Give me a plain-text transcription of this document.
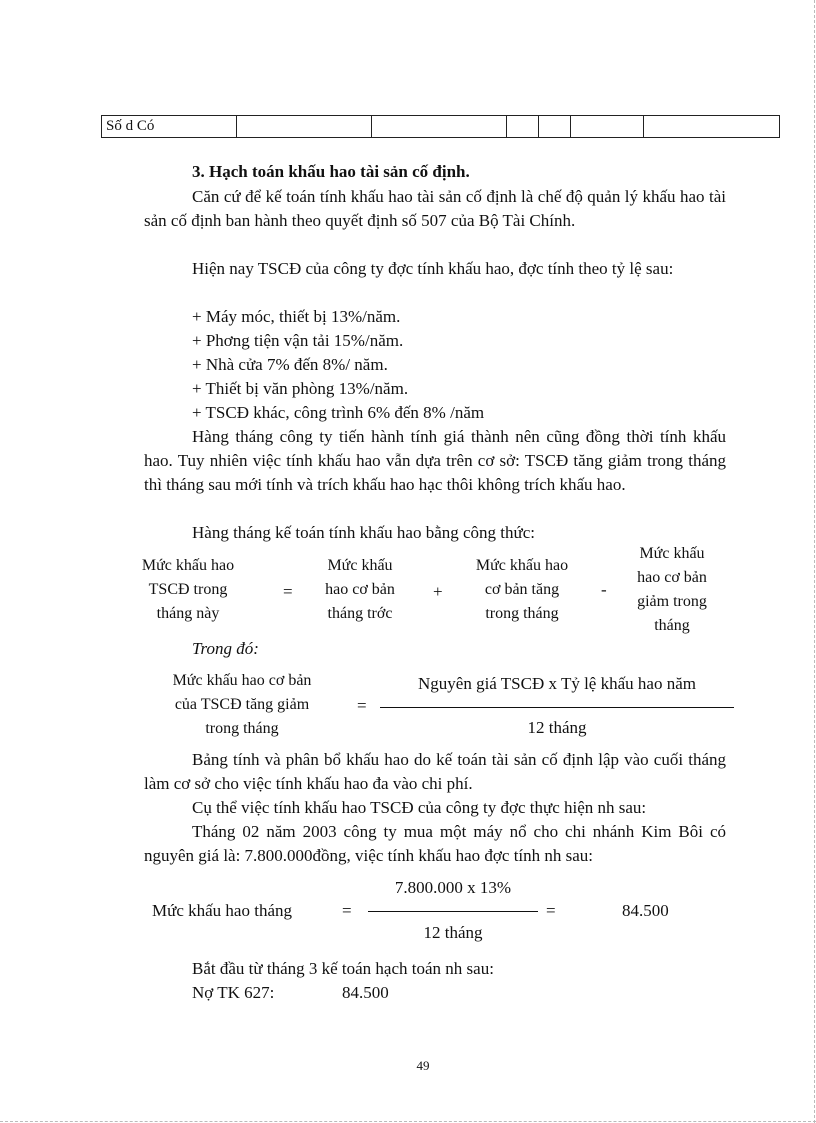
Số d Có						
3. Hạch toán khấu hao tài sản cố định.
Căn cứ để kế toán tính khấu hao tài sản cố định là chế độ quản lý khấu hao tài sản cố định ban hành theo quyết định số 507 của Bộ Tài Chính.
Hiện nay TSCĐ của công ty đợc tính khấu hao, đợc tính theo tỷ lệ sau:
+ Máy móc, thiết bị 13%/năm.
+ Phơng tiện vận tải 15%/năm.
+ Nhà cửa 7% đến 8%/ năm.
+ Thiết bị văn phòng 13%/năm.
+ TSCĐ khác, công trình 6% đến 8% /năm
Hàng tháng công ty tiến hành tính giá thành nên cũng đồng thời tính khấu hao. Tuy nhiên việc tính khấu hao vẫn dựa trên cơ sở: TSCĐ tăng giảm trong tháng thì tháng sau mới tính và trích khấu hao hạc thôi không trích khấu hao.
Hàng tháng kế toán tính khấu hao bằng công thức:
Mức khấu hao
TSCĐ trong
tháng này
=
Mức khấu
hao cơ bản
tháng trớc
+
Mức khấu hao
cơ bản tăng
trong tháng
-
Mức khấu
hao cơ bản
giảm trong
tháng
Trong đó:
Mức khấu hao cơ bản
của TSCĐ tăng giảm
trong tháng
=
Nguyên giá TSCĐ x Tỷ lệ khấu hao năm
12 tháng
Bảng tính và phân bổ khấu hao do kế toán tài sản cố định lập vào cuối tháng làm cơ sở cho việc tính khấu hao đa vào chi phí.
Cụ thể việc tính khấu hao TSCĐ của công ty đợc thực hiện nh sau:
Tháng 02 năm 2003 công ty mua một máy nổ cho chi nhánh Kim Bôi có nguyên giá là: 7.800.000đồng, việc tính khấu hao đợc tính nh sau:
Mức khấu hao tháng	=
7.800.000 x 13%
12 tháng
=	84.500
Bắt đầu từ tháng 3 kế toán hạch toán nh sau:
Nợ TK 627:	84.500
49
